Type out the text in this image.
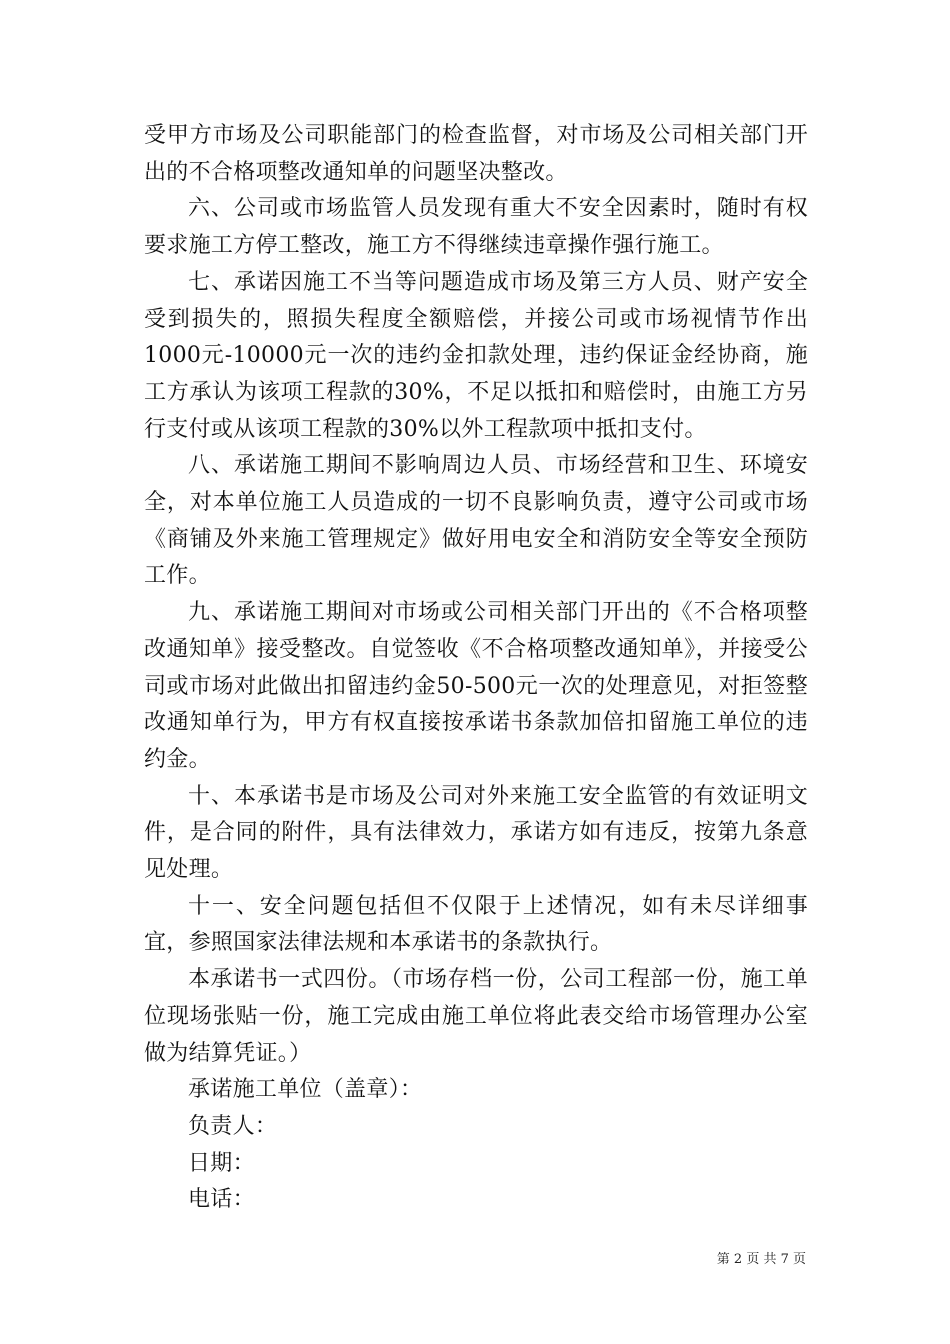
受甲方市场及公司职能部门的检查监督，对市场及公司相关部门开出的不合格项整改通知单的问题坚决整改。

六、公司或市场监管人员发现有重大不安全因素时，随时有权要求施工方停工整改，施工方不得继续违章操作强行施工。

七、承诺因施工不当等问题造成市场及第三方人员、财产安全受到损失的，照损失程度全额赔偿，并接公司或市场视情节作出1000元-10000元一次的违约金扣款处理，违约保证金经协商，施工方承认为该项工程款的30%，不足以抵扣和赔偿时，由施工方另行支付或从该项工程款的30%以外工程款项中抵扣支付。

八、承诺施工期间不影响周边人员、市场经营和卫生、环境安全，对本单位施工人员造成的一切不良影响负责，遵守公司或市场《商铺及外来施工管理规定》做好用电安全和消防安全等安全预防工作。

九、承诺施工期间对市场或公司相关部门开出的《不合格项整改通知单》接受整改。自觉签收《不合格项整改通知单》，并接受公司或市场对此做出扣留违约金50-500元一次的处理意见，对拒签整改通知单行为，甲方有权直接按承诺书条款加倍扣留施工单位的违约金。

十、本承诺书是市场及公司对外来施工安全监管的有效证明文件，是合同的附件，具有法律效力，承诺方如有违反，按第九条意见处理。

十一、安全问题包括但不仅限于上述情况，如有未尽详细事宜，参照国家法律法规和本承诺书的条款执行。

本承诺书一式四份。（市场存档一份，公司工程部一份，施工单位现场张贴一份，施工完成由施工单位将此表交给市场管理办公室做为结算凭证。）

承诺施工单位（盖章）：

负责人：

日期：

电话：

第 2 页 共 7 页
